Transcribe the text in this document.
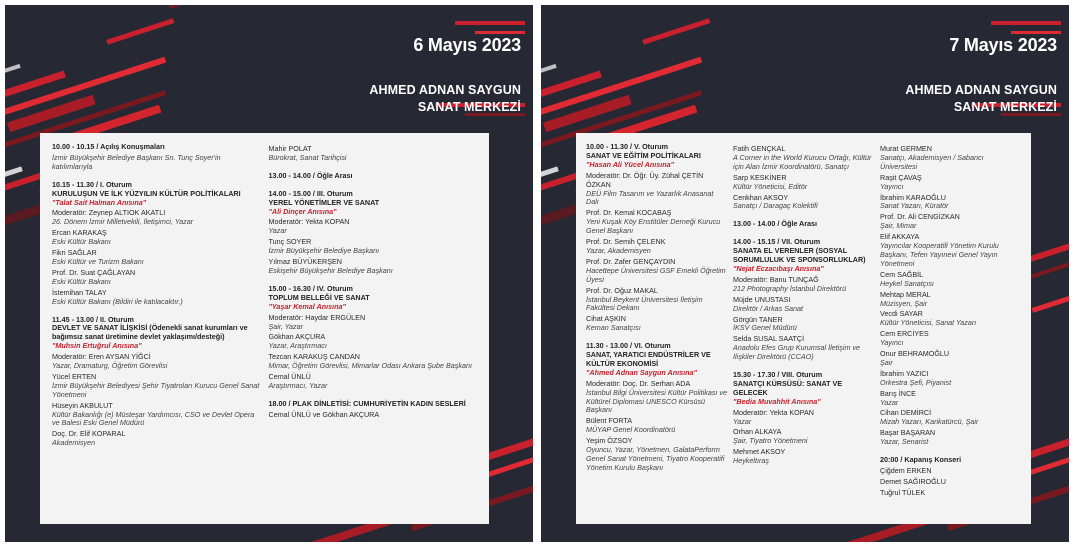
6 Mayıs 2023
AHMED ADNAN SAYGUN
SANAT MERKEZİ
10.00 - 10.15 / Açılış Konuşmaları
İzmir Büyükşehir Belediye Başkanı Sn. Tunç Soyer'in katılımlarıyla
10.15 - 11.30 / I. Oturum
KURULUŞUN VE İLK YÜZYILIN KÜLTÜR POLİTİKALARI
"Talat Sait Halman Anısına"
Moderatör: Zeynep ALTIOK AKATLI
26. Dönem İzmir Milletvekili, İletişimci, Yazar
Ercan KARAKAŞ
Eski Kültür Bakanı
Fikri SAĞLAR
Eski Kültür ve Turizm Bakanı
Prof. Dr. Suat ÇAĞLAYAN
Eski Kültür Bakanı
İstemihan TALAY
Eski Kültür Bakanı (Bildiri ile katılacaktır.)
11.45 - 13.00 / II. Oturum
DEVLET VE SANAT İLİŞKİSİ (Ödenekli sanat kurumları ve bağımsız sanat üretimine devlet yaklaşımı/desteği)
"Muhsin Ertuğrul Anısına"
Moderatör: Eren AYSAN YİĞCİ
Yazar, Dramaturg, Öğretim Görevlisi
Yücel ERTEN
İzmir Büyükşehir Belediyesi Şehir Tiyatroları Kurucu Genel Sanat Yönetmeni
Hüseyin AKBULUT
Kültür Bakanlığı (e) Müsteşar Yardımcısı, CSO ve Devlet Opera ve Balesi Eski Genel Müdürü
Doç. Dr. Elif KOPARAL
Akademisyen
Mahir POLAT
Bürokrat, Sanat Tarihçisi
13.00 - 14.00 / Öğle Arası
14.00 - 15.00 / III. Oturum
YEREL YÖNETİMLER VE SANAT
"Ali Dinçer Anısına"
Moderatör: Yekta KOPAN
Yazar
Tunç SOYER
İzmir Büyükşehir Belediye Başkanı
Yılmaz BÜYÜKERŞEN
Eskişehir Büyükşehir Belediye Başkanı
15.00 - 16.30 / IV. Oturum
TOPLUM BELLEĞİ VE SANAT
"Yaşar Kemal Anısına"
Moderatör: Haydar ERGÜLEN
Şair, Yazar
Gökhan AKÇURA
Yazar, Araştırmacı
Tezcan KARAKUŞ CANDAN
Mimar, Öğretim Görevlisi, Mimarlar Odası Ankara Şube Başkanı
Cemal ÜNLÜ
Araştırmacı, Yazar
18.00 / PLAK DİNLETİSİ: CUMHURİYETİN KADIN SESLERİ
Cemal ÜNLÜ ve Gökhan AKÇURA
7 Mayıs 2023
AHMED ADNAN SAYGUN
SANAT MERKEZİ
10.00 - 11.30 / V. Oturum
SANAT VE EĞİTİM POLİTİKALARI
"Hasan Ali Yücel Anısına"
Moderatör: Dr. Öğr. Üy. Zühal ÇETİN ÖZKAN
DEÜ Film Tasarım ve Yazarlık Anasanat Dalı
Prof. Dr. Kemal KOCABAŞ
Yeni Kuşak Köy Enstitüler Derneği Kurucu Genel Başkanı
Prof. Dr. Semih ÇELENK
Yazar, Akademisyen
Prof. Dr. Zafer GENÇAYDIN
Hacettepe Üniversitesi GSF Emekli Öğretim Üyesi
Prof. Dr. Oğuz MAKAL
İstanbul Beykent Üniversitesi İletişim Fakültesi Dekanı
Cihat AŞKIN
Keman Sanatçısı
11.30 - 13.00 / VI. Oturum
SANAT, YARATICI ENDÜSTRİLER VE KÜLTÜR EKONOMİSİ
"Ahmed Adnan Saygun Anısına"
Moderatör: Doç. Dr. Serhan ADA
İstanbul Bilgi Üniversitesi Kültür Politikası ve Kültürel Diplomasi UNESCO Kürsüsü Başkanı
Bülent FORTA
MÜYAP Genel Koordinatörü
Yeşim ÖZSOY
Oyuncu, Yazar, Yönetmen, GalataPerform Genel Sanat Yönetmeni, Tiyatro Kooperatifi Yönetim Kurulu Başkanı
Fatih GENÇKAL
A Corner in the World Kurucu Ortağı, Kültür için Alan İzmir Koordinatörü, Sanatçı
Sarp KESKİNER
Kültür Yöneticisi, Editör
Cenkhan AKSOY
Sanatçı / Daragaç Kolektifi
13.00 - 14.00 / Öğle Arası
14.00 - 15.15 / VII. Oturum
SANATA EL VERENLER (SOSYAL SORUMLULUK VE SPONSORLUKLAR)
"Nejat Eczacıbaşı Anısına"
Moderatör: Banu TUNÇAĞ
212 Photography İstanbul Direktörü
Müjde UNUSTASI
Direktör / Arkas Sanat
Görgün TANER
İKSV Genel Müdürü
Selda SUSAL SAATÇİ
Anadolu Efes Grup Kurumsal İletişim ve İlişkiler Direktörü (CCAO)
15.30 - 17.30 / VIII. Oturum
SANATÇI KÜRSÜSÜ: SANAT VE GELECEK
"Bedia Muvahhit Anısına"
Moderatör: Yekta KOPAN
Yazar
Orhan ALKAYA
Şair, Tiyatro Yönetmeni
Mehmet AKSOY
Heykeltıraş
Murat GERMEN
Sanatçı, Akademisyen / Sabancı Üniversitesi
Raşit ÇAVAŞ
Yayıncı
İbrahim KARAOĞLU
Sanat Yazarı, Küratör
Prof. Dr. Ali CENGİZKAN
Şair, Mimar
Elif AKKAYA
Yayıncılar Kooperatifi Yönetim Kurulu Başkanı, Tefen Yayınevi Genel Yayın Yönetmeni
Cem SAĞBİL
Heykel Sanatçısı
Mehtap MERAL
Müzisyen, Şair
Vecdi SAYAR
Kültür Yöneticisi, Sanat Yazarı
Cem ERCİYES
Yayıncı
Onur BEHRAMOĞLU
Şair
İbrahim YAZICI
Orkestra Şefi, Piyanist
Barış İNCE
Yazar
Cihan DEMİRCİ
Mizah Yazarı, Karikatürcü, Şair
Başar BAŞARAN
Yazar, Senarist
20:00 / Kapanış Konseri
Çiğdem ERKEN
Demet SAĞIROĞLU
Tuğrul TÜLEK
